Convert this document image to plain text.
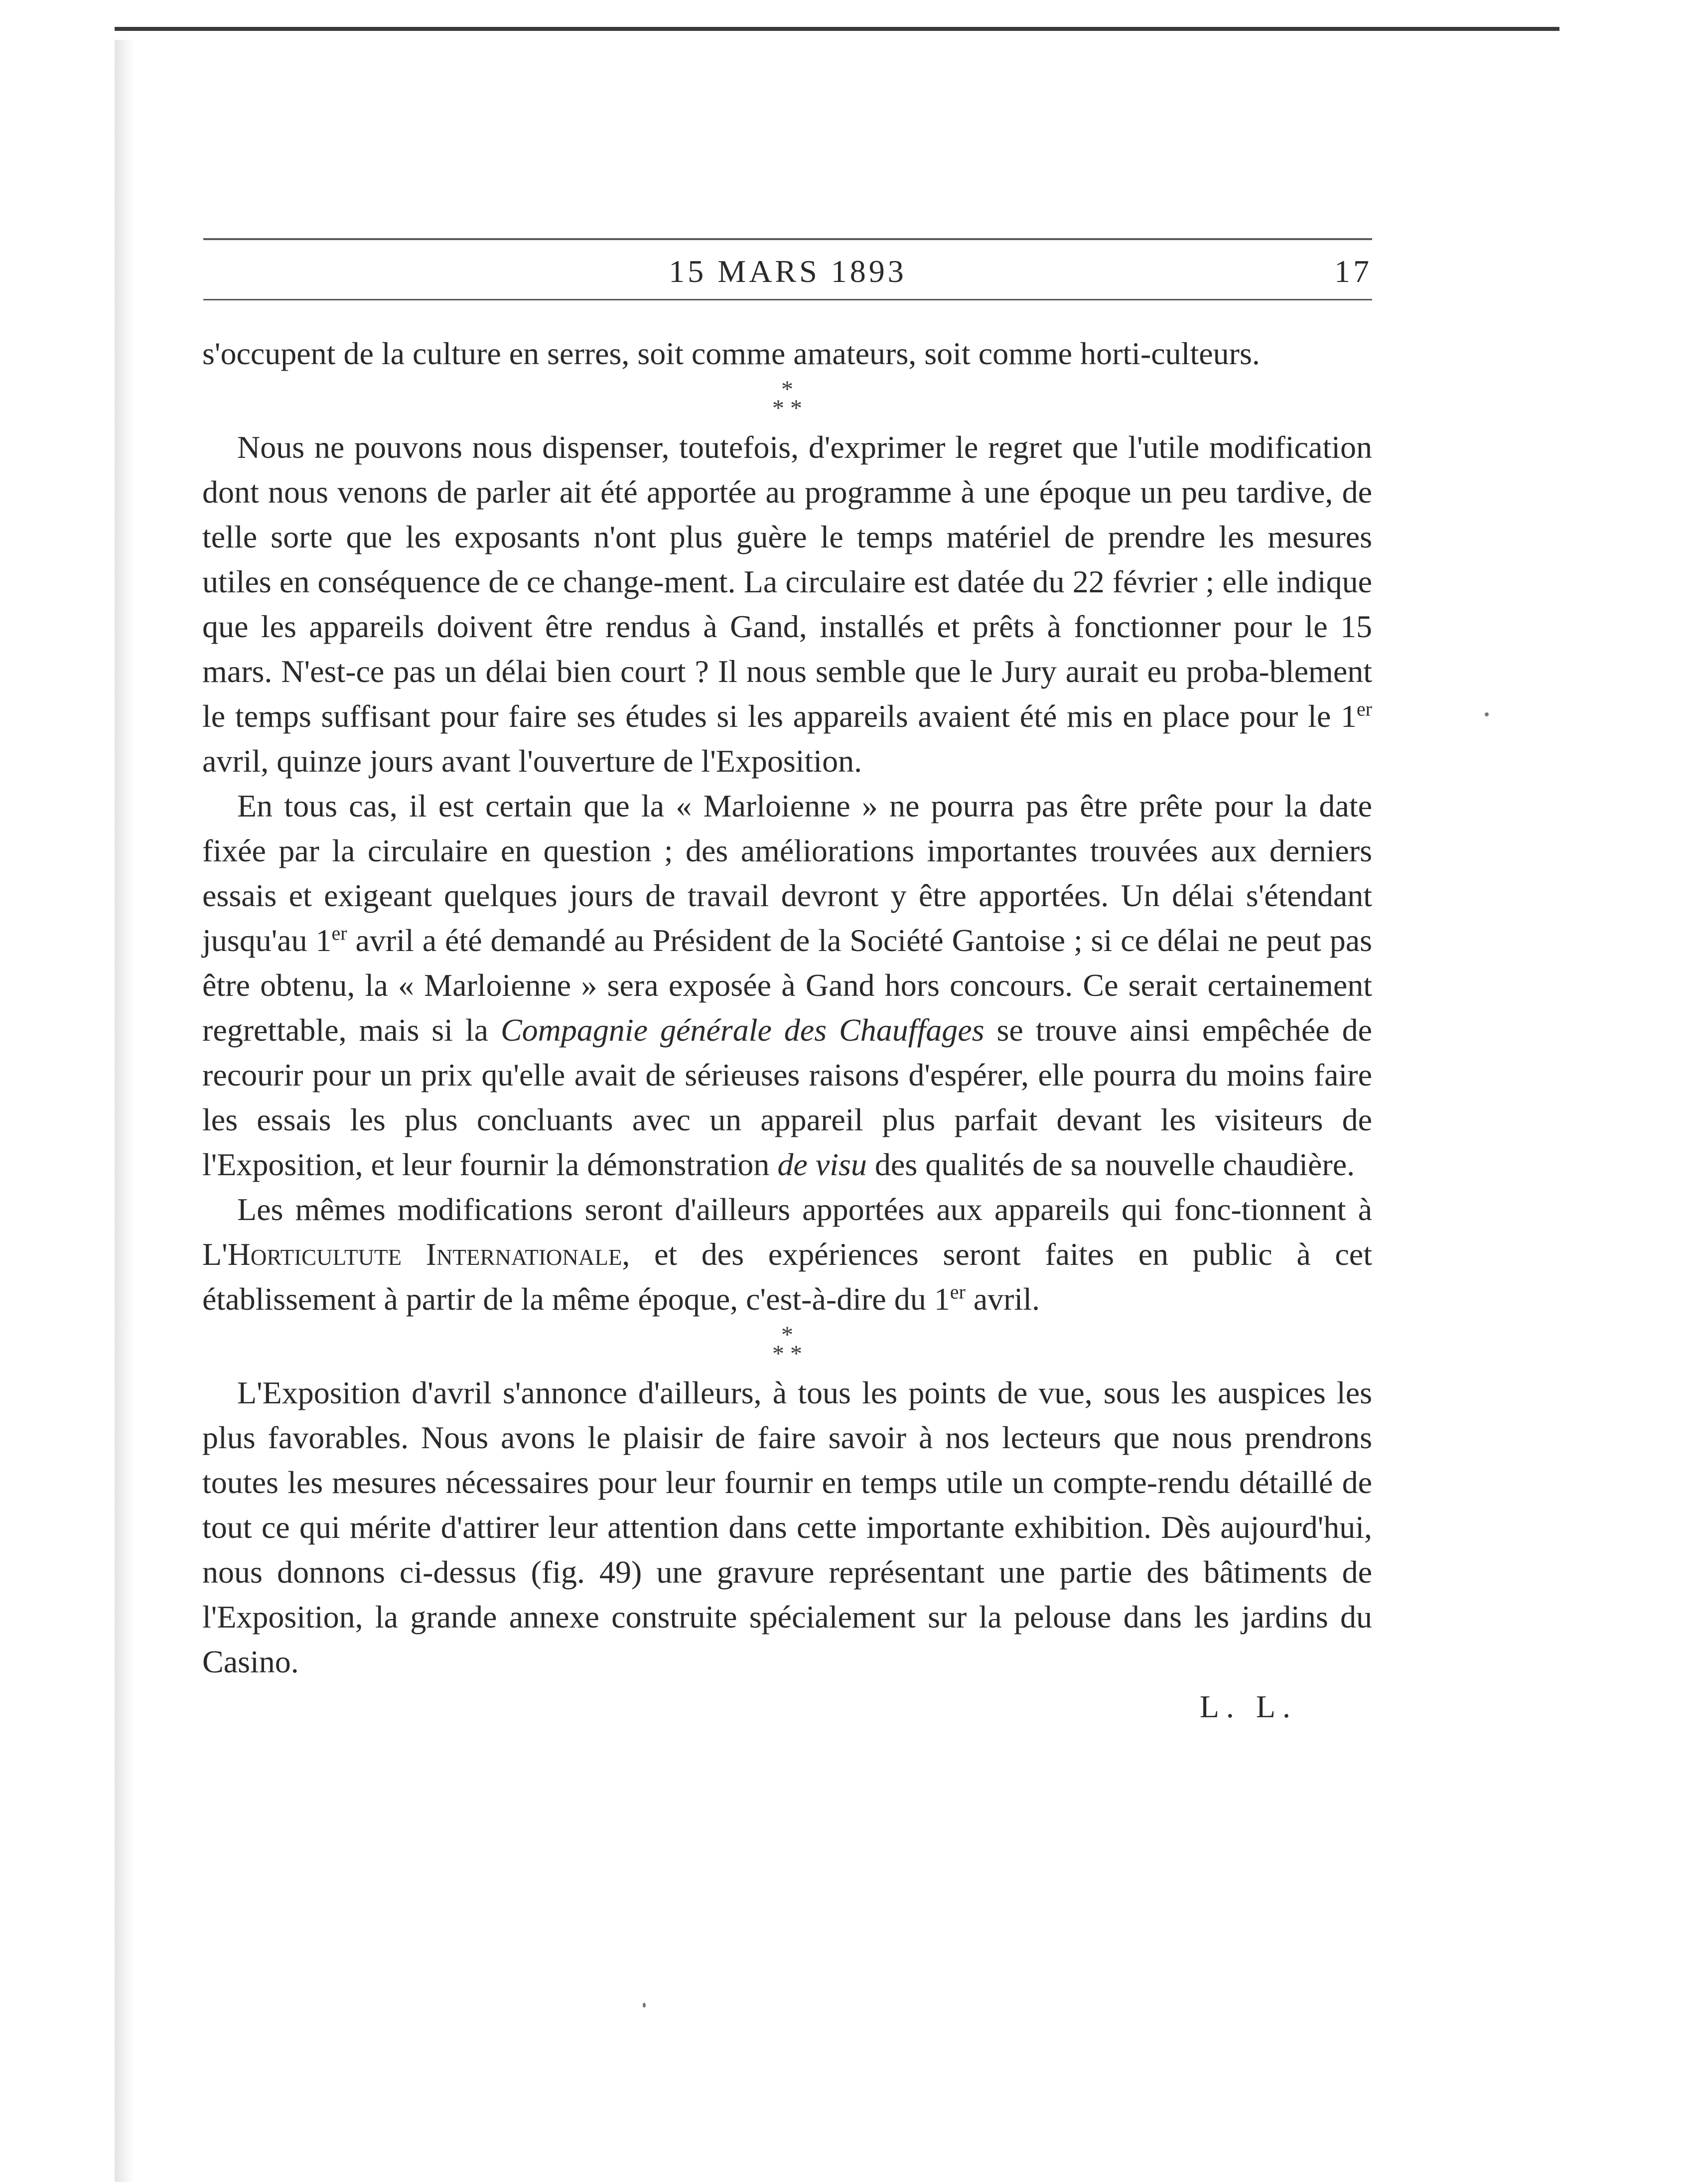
15 MARS 1893	17

s'occupent de la culture en serres, soit comme amateurs, soit comme horti-culteurs.

*
* *

Nous ne pouvons nous dispenser, toutefois, d'exprimer le regret que l'utile modification dont nous venons de parler ait été apportée au programme à une époque un peu tardive, de telle sorte que les exposants n'ont plus guère le temps matériel de prendre les mesures utiles en conséquence de ce change-ment. La circulaire est datée du 22 février ; elle indique que les appareils doivent être rendus à Gand, installés et prêts à fonctionner pour le 15 mars. N'est-ce pas un délai bien court ? Il nous semble que le Jury aurait eu proba-blement le temps suffisant pour faire ses études si les appareils avaient été mis en place pour le 1er avril, quinze jours avant l'ouverture de l'Exposition.

En tous cas, il est certain que la « Marloienne » ne pourra pas être prête pour la date fixée par la circulaire en question ; des améliorations importantes trouvées aux derniers essais et exigeant quelques jours de travail devront y être apportées. Un délai s'étendant jusqu'au 1er avril a été demandé au Président de la Société Gantoise ; si ce délai ne peut pas être obtenu, la « Marloienne » sera exposée à Gand hors concours. Ce serait certainement regrettable, mais si la Compagnie générale des Chauffages se trouve ainsi empêchée de recourir pour un prix qu'elle avait de sérieuses raisons d'espérer, elle pourra du moins faire les essais les plus concluants avec un appareil plus parfait devant les visiteurs de l'Exposition, et leur fournir la démonstration de visu des qualités de sa nouvelle chaudière.

Les mêmes modifications seront d'ailleurs apportées aux appareils qui fonc-tionnent à L'Horticultute Internationale, et des expériences seront faites en public à cet établissement à partir de la même époque, c'est-à-dire du 1er avril.

*
* *

L'Exposition d'avril s'annonce d'ailleurs, à tous les points de vue, sous les auspices les plus favorables. Nous avons le plaisir de faire savoir à nos lecteurs que nous prendrons toutes les mesures nécessaires pour leur fournir en temps utile un compte-rendu détaillé de tout ce qui mérite d'attirer leur attention dans cette importante exhibition. Dès aujourd'hui, nous donnons ci-dessus (fig. 49) une gravure représentant une partie des bâtiments de l'Exposition, la grande annexe construite spécialement sur la pelouse dans les jardins du Casino.

L. L.
